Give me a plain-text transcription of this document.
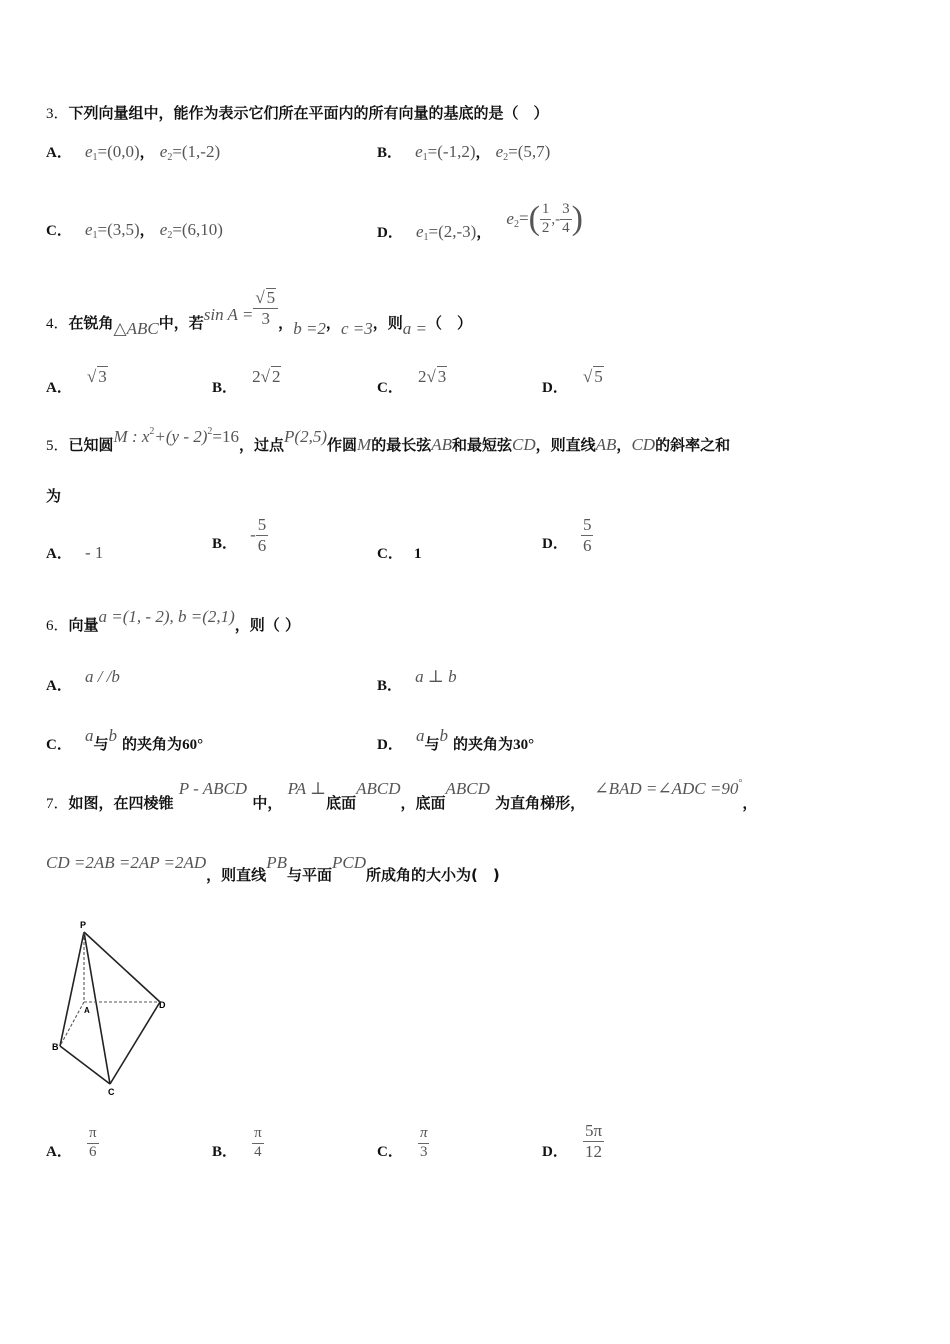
3．下列向量组中，能作为表示它们所在平面内的所有向量的基底的是（　）
A． $e_1=(0,0)$， $e_2=(1,-2)$	B． $e_1=(-1,2)$， $e_2=(5,7)$
C． $e_1=(3,5)$， $e_2=(6,10)$	D． $e_1=(2,-3)$， $e_2=( \frac{1}{2}$ ,- $\frac{3}{4}$ )
4．在锐角△ABC中，若$\sin A = \frac{√ 5}{3}$ ，b =2，c =3，则a =（　）
A． √ 3
B． 2√ 2
C． 2√ 3
D． √ 5
5．已知圆M : $x^2+(y - 2)^2=16$，过点P(2,5)作圆M的最长弦AB和最短弦CD，则直线AB，CD的斜率之和
为
A． - 1	B． - $\frac{5}{6}$	C． 1
D． $\frac{5}{6}$
6．向量a =(1, - 2), b =(2,1)，则（ ）
A． a / /b	B． a ⊥ b
C． a与b 的夹角为60°	D． a与b 的夹角为30°
7．如图，在四棱锥 P - ABCD 中， PA ⊥底面ABCD，底面ABCD 为直角梯形， ∠BAD =∠ADC =90°，
CD =2AB =2AP =2AD，则直线PB与平面PCD所成角的大小为(　)
P
A
B
C
D
A． $\frac{\pi}{6}$	B． $\frac{\pi}{4}$	C． $\frac{\pi}{3}$	D． $\frac{5\pi}{12}$
